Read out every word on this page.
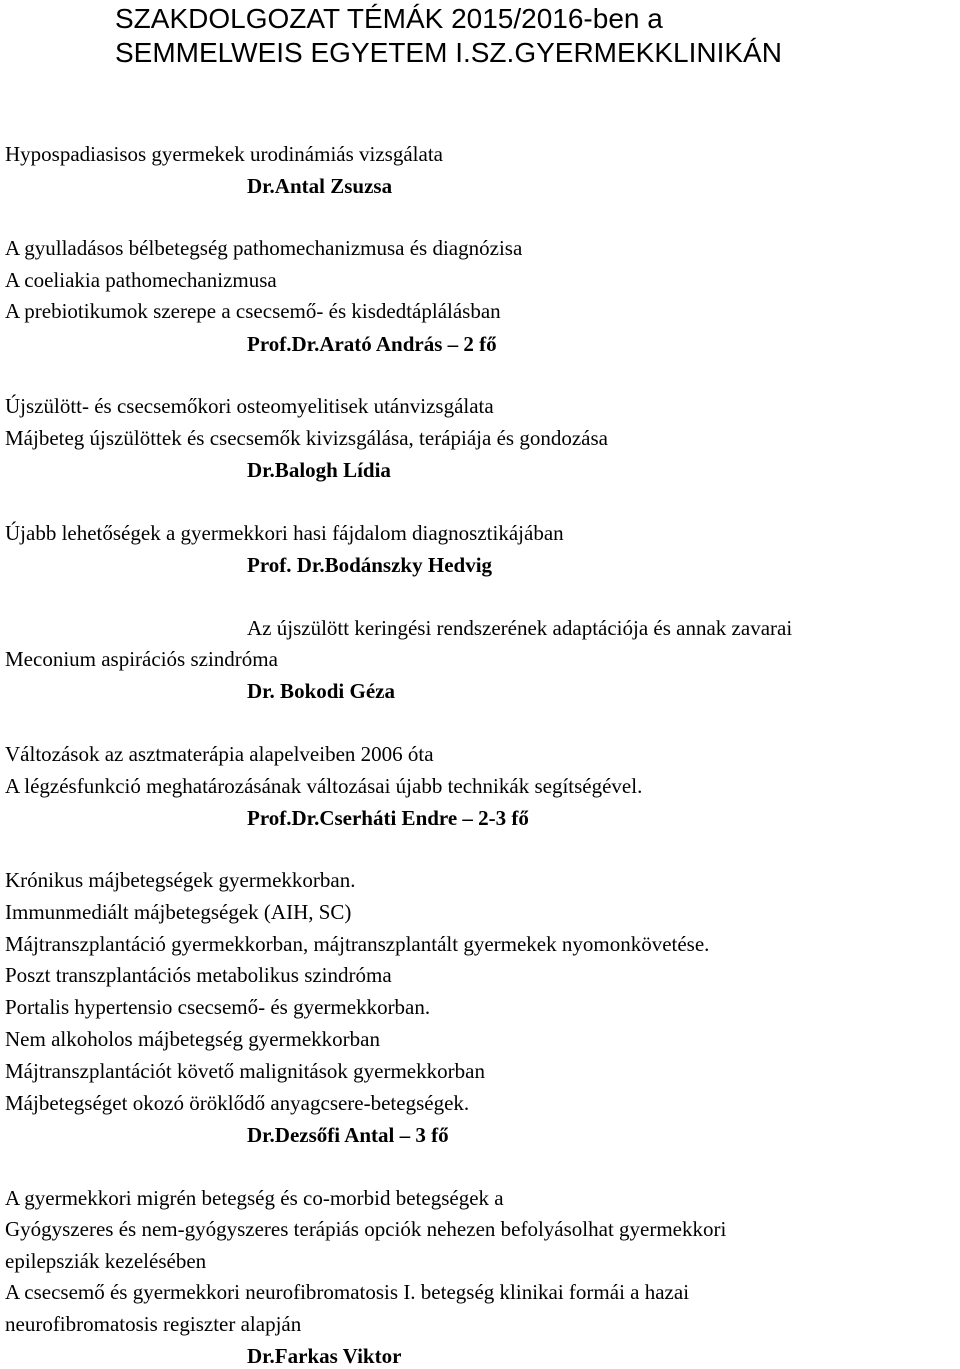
SZAKDOLGOZAT TÉMÁK 2015/2016-ben a
SEMMELWEIS EGYETEM I.SZ.GYERMEKKLINIKÁN
Hypospadiasisos gyermekek urodinámiás vizsgálata
Dr.Antal Zsuzsa
A gyulladásos bélbetegség pathomechanizmusa és diagnózisa
A coeliakia pathomechanizmusa
A prebiotikumok szerepe a csecsemő- és kisdedtáplálásban
Prof.Dr.Arató András – 2 fő
Újszülött- és csecsemőkori osteomyelitisek utánvizsgálata
Májbeteg újszülöttek és csecsemők kivizsgálása, terápiája és gondozása
Dr.Balogh Lídia
Újabb lehetőségek a gyermekkori hasi fájdalom diagnosztikájában
Prof. Dr.Bodánszky Hedvig
Az újszülött keringési rendszerének adaptációja és annak zavarai
Meconium aspirációs szindróma
Dr. Bokodi Géza
Változások az asztmaterápia alapelveiben 2006 óta
A légzésfunkció meghatározásának változásai újabb technikák segítségével.
Prof.Dr.Cserháti Endre – 2-3 fő
Krónikus májbetegségek gyermekkorban.
Immunmediált májbetegségek (AIH, SC)
Májtranszplantáció gyermekkorban, májtranszplantált gyermekek nyomonkövetése.
Poszt transzplantációs metabolikus szindróma
Portalis hypertensio csecsemő- és gyermekkorban.
Nem alkoholos májbetegség gyermekkorban
Májtranszplantációt követő malignitások gyermekkorban
Májbetegséget okozó öröklődő anyagcsere-betegségek.
Dr.Dezsőfi Antal – 3 fő
A gyermekkori migrén betegség és co-morbid betegségek a
Gyógyszeres és nem-gyógyszeres terápiás opciók nehezen befolyásolhat gyermekkori
epilepsziák kezelésében
A csecsemő és gyermekkori neurofibromatosis I. betegség klinikai formái a hazai
neurofibromatosis regiszter alapján
Dr.Farkas Viktor
